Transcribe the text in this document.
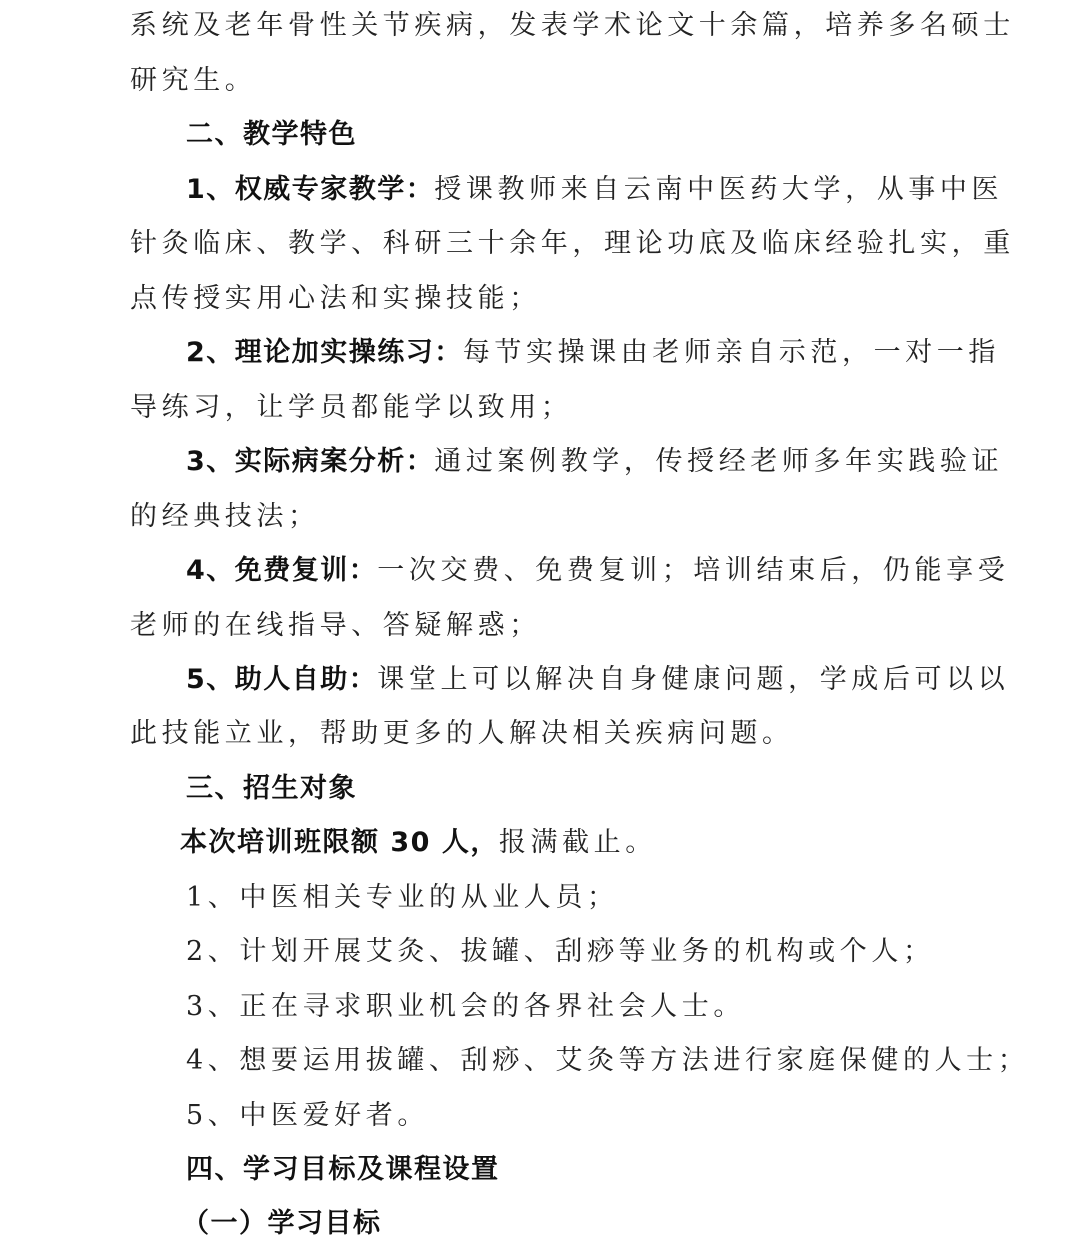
系统及老年骨性关节疾病，发表学术论文十余篇，培养多名硕士
研究生。
二、教学特色
1、权威专家教学：授课教师来自云南中医药大学，从事中医
针灸临床、教学、科研三十余年，理论功底及临床经验扎实，重
点传授实用心法和实操技能；
2、理论加实操练习：每节实操课由老师亲自示范，一对一指
导练习，让学员都能学以致用；
3、实际病案分析：通过案例教学，传授经老师多年实践验证
的经典技法；
4、免费复训：一次交费、免费复训；培训结束后，仍能享受
老师的在线指导、答疑解惑；
5、助人自助：课堂上可以解决自身健康问题，学成后可以以
此技能立业，帮助更多的人解决相关疾病问题。
三、招生对象
本次培训班限额 30 人，报满截止。
1、中医相关专业的从业人员；
2、计划开展艾灸、拔罐、刮痧等业务的机构或个人；
3、正在寻求职业机会的各界社会人士。
4、想要运用拔罐、刮痧、艾灸等方法进行家庭保健的人士；
5、中医爱好者。
四、学习目标及课程设置
（一）学习目标
